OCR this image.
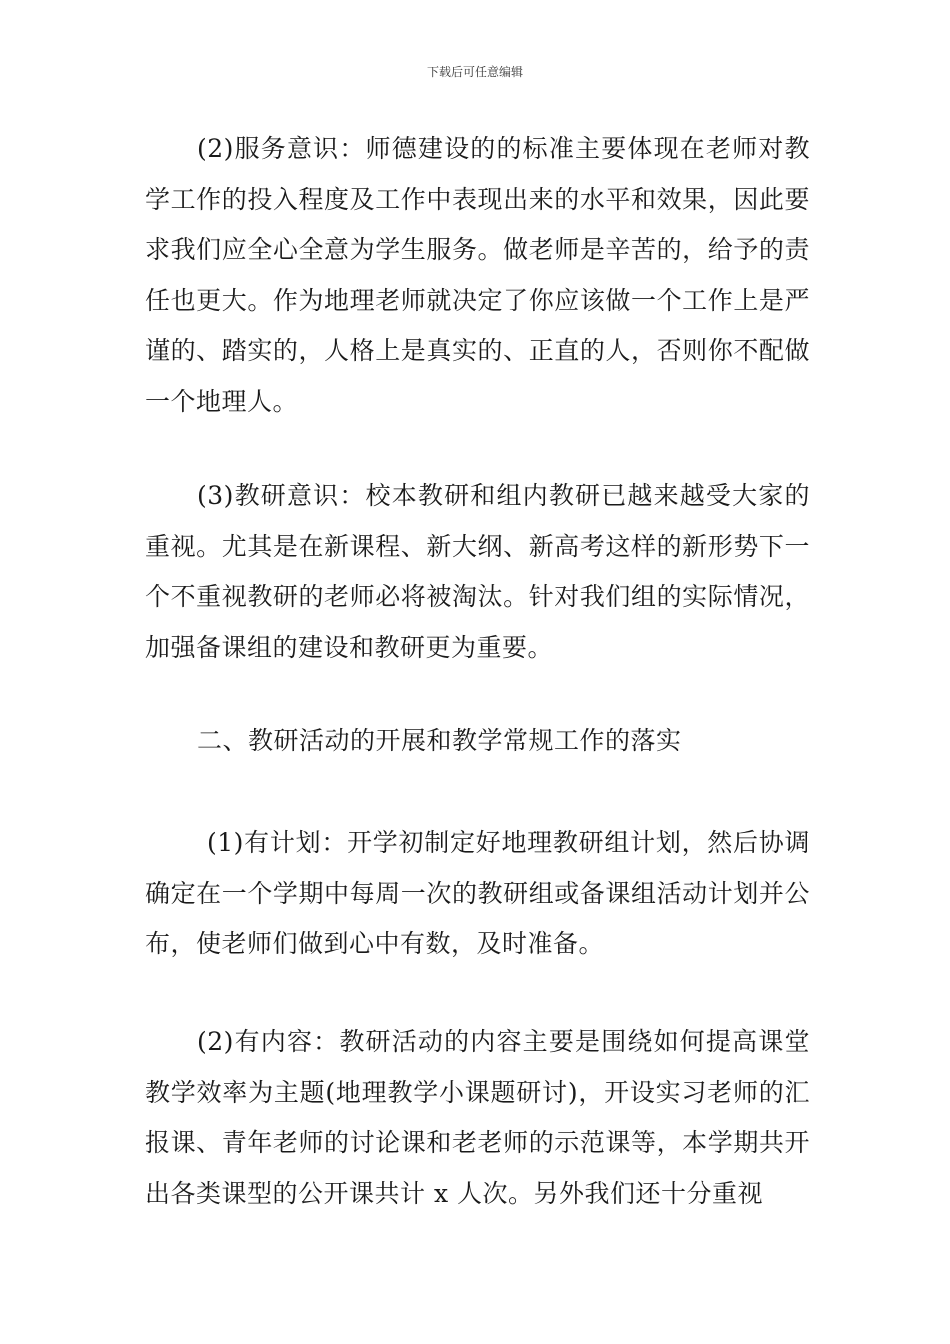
下载后可任意编辑

(2)服务意识：师德建设的的标准主要体现在老师对教学工作的投入程度及工作中表现出来的水平和效果，因此要求我们应全心全意为学生服务。做老师是辛苦的，给予的责任也更大。作为地理老师就决定了你应该做一个工作上是严谨的、踏实的，人格上是真实的、正直的人，否则你不配做一个地理人。

(3)教研意识：校本教研和组内教研已越来越受大家的重视。尤其是在新课程、新大纲、新高考这样的新形势下一个不重视教研的老师必将被淘汰。针对我们组的实际情况，加强备课组的建设和教研更为重要。

二、教研活动的开展和教学常规工作的落实

(1)有计划：开学初制定好地理教研组计划，然后协调确定在一个学期中每周一次的教研组或备课组活动计划并公布，使老师们做到心中有数，及时准备。

(2)有内容：教研活动的内容主要是围绕如何提高课堂教学效率为主题(地理教学小课题研讨)，开设实习老师的汇报课、青年老师的讨论课和老老师的示范课等，本学期共开出各类课型的公开课共计 x 人次。另外我们还十分重视
